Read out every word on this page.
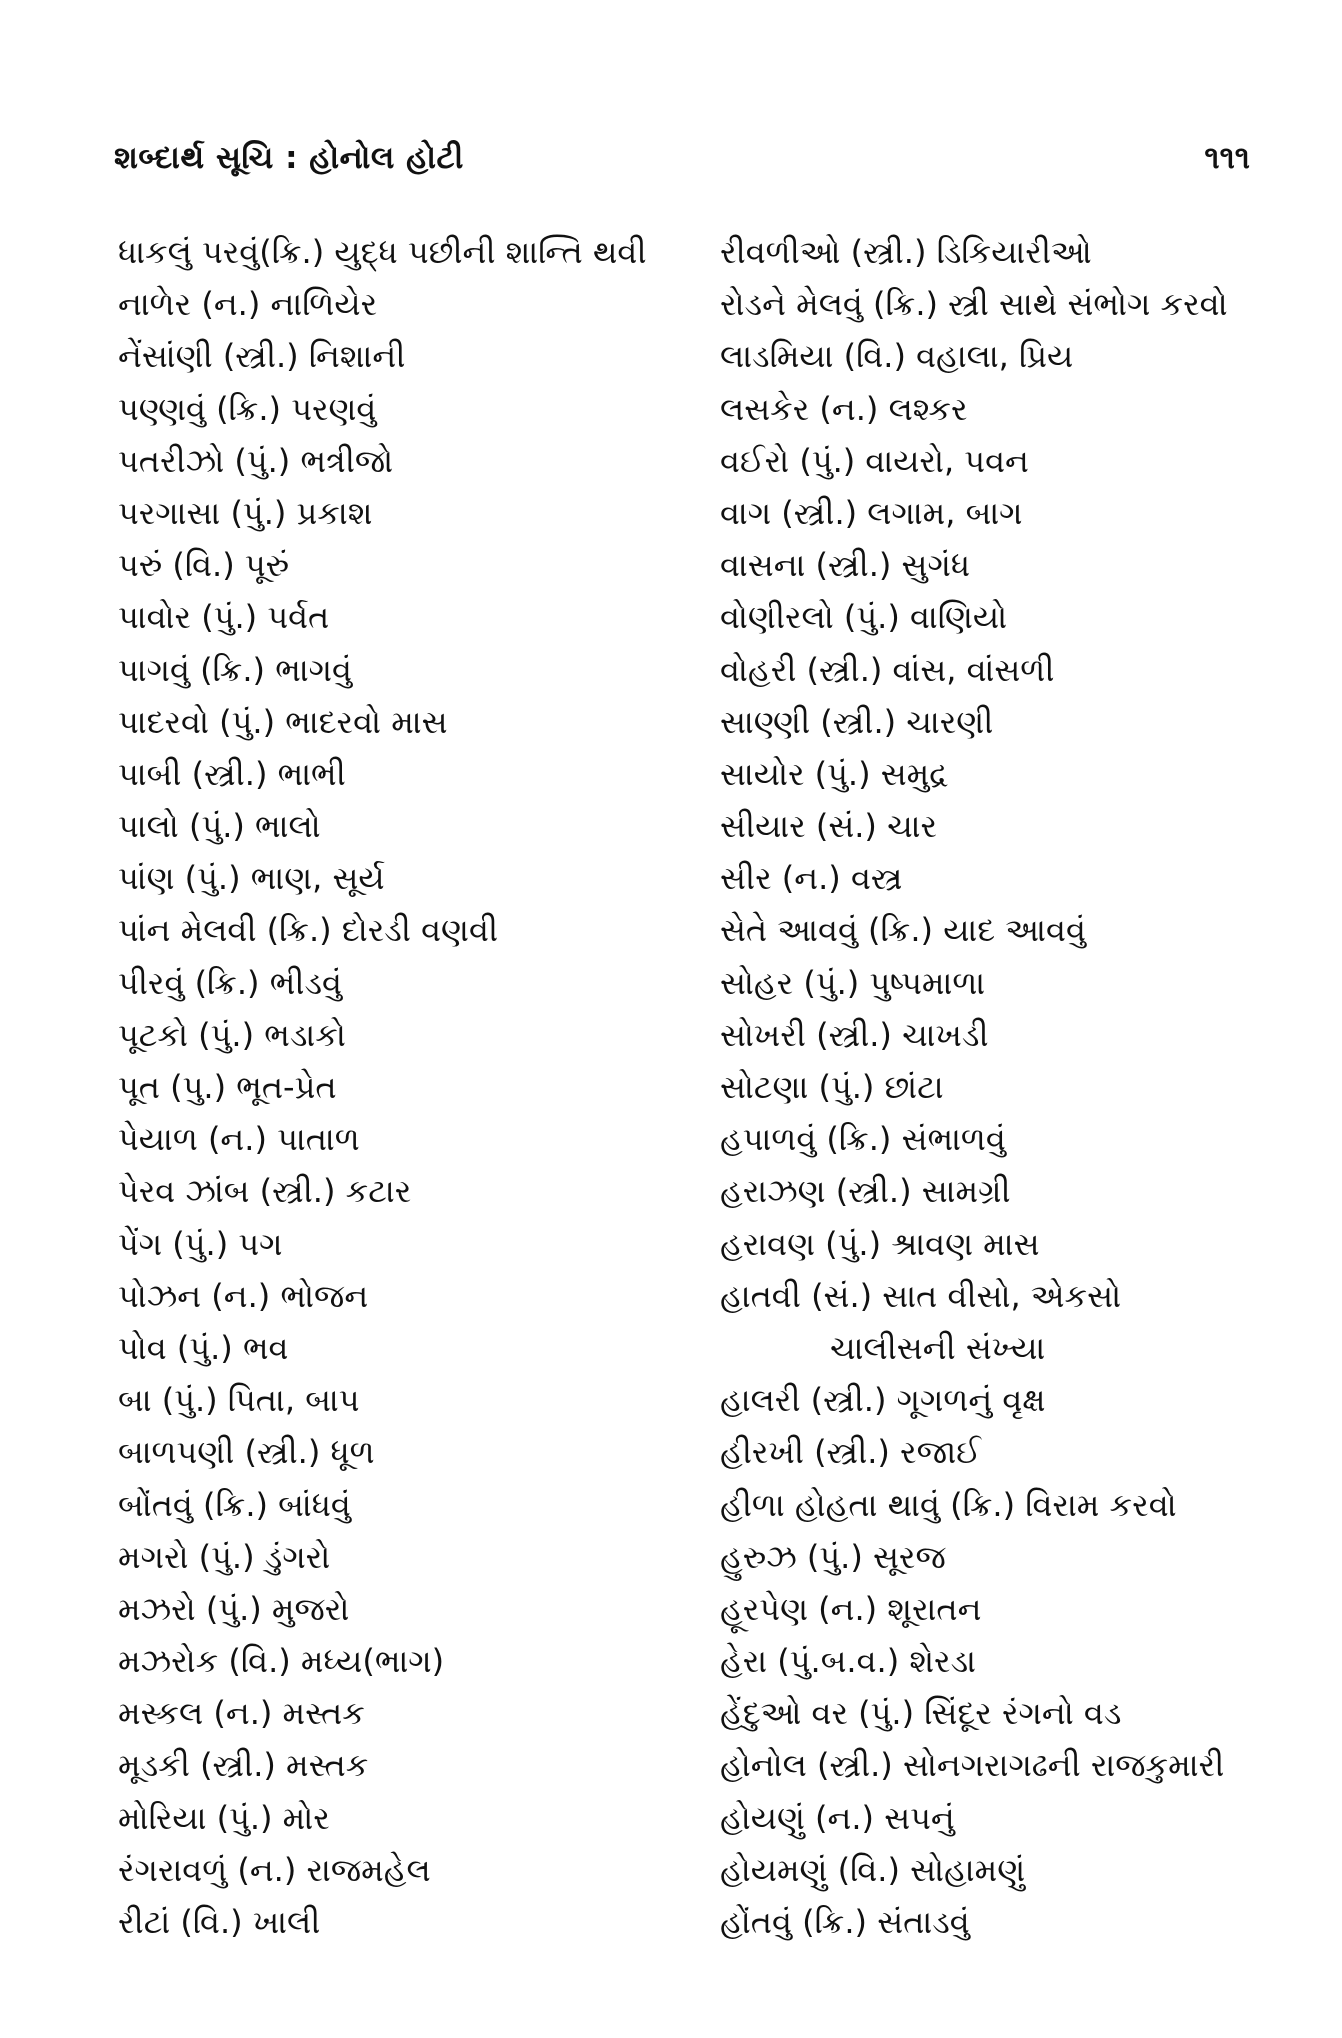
શબ્દાર્થ સૂચિ : હોનોલ હોટી	૧૧૧
ધાકલું પરવું(ક્રિ.) યુદ્ધ પછીની શાન્તિ થવી
નાળેર (ન.) નાળિયેર
નેંસાંણી (સ્ત્રી.) નિશાની
પણ્ણવું (ક્રિ.) પરણવું
પતરીઝો (પું.) ભત્રીજો
પરગાસા (પું.) પ્રકાશ
પરું (વિ.) પૂરું
પાવોર (પું.) પર્વત
પાગવું (ક્રિ.) ભાગવું
પાદરવો (પું.) ભાદરવો માસ
પાબી (સ્ત્રી.) ભાભી
પાલો (પું.) ભાલો
પાંણ (પું.) ભાણ, સૂર્ય
પાંન મેલવી (ક્રિ.) દોરડી વણવી
પીરવું (ક્રિ.) ભીડવું
પૂટકો (પું.) ભડાકો
પૂત (પુ.) ભૂત-પ્રેત
પેયાળ (ન.) પાતાળ
પેરવ ઝાંબ (સ્ત્રી.) કટાર
પેંગ (પું.) પગ
પોઝન (ન.) ભોજન
પોવ (પું.) ભવ
બા (પું.) પિતા, બાપ
બાળપણી (સ્ત્રી.) ધૂળ
બોંતવું (ક્રિ.) બાંધવું
મગરો (પું.) ડુંગરો
મઝરો (પું.) મુજરો
મઝરોક (વિ.) મધ્ય(ભાગ)
મસ્કલ (ન.) મસ્તક
મૂડકી (સ્ત્રી.) મસ્તક
મોરિયા (પું.) મોર
રંગરાવળું (ન.) રાજમહેલ
રીટાં (વિ.) ખાલી
રીવળીઓ (સ્ત્રી.) ડિકિયારીઓ
રોડને મેલવું (ક્રિ.) સ્ત્રી સાથે સંભોગ કરવો
લાડમિયા (વિ.) વહાલા, પ્રિય
લસકેર (ન.) લશ્કર
વઈરો (પું.) વાયરો, પવન
વાગ (સ્ત્રી.) લગામ, બાગ
વાસના (સ્ત્રી.) સુગંધ
વોણીરલો (પું.) વાણિયો
વોહરી (સ્ત્રી.) વાંસ, વાંસળી
સાણ્ણી (સ્ત્રી.) ચારણી
સાયોર (પું.) સમુદ્ર
સીયાર (સં.) ચાર
સીર (ન.) વસ્ત્ર
સેતે આવવું (ક્રિ.) યાદ આવવું
સોહર (પું.) પુષ્પમાળા
સોખરી (સ્ત્રી.) ચાખડી
સોટણા (પું.) છાંટા
હપાળવું (ક્રિ.) સંભાળવું
હરાઝણ (સ્ત્રી.) સામગ્રી
હરાવણ (પું.) શ્રાવણ માસ
હાતવી (સં.) સાત વીસો, એકસો
ચાલીસની સંખ્યા
હાલરી (સ્ત્રી.) ગૂગળનું વૃક્ષ
હીરખી (સ્ત્રી.) રજાઈ
હીળા હોહતા થાવું (ક્રિ.) વિરામ કરવો
હુરુઝ (પું.) સૂરજ
હૂરપેણ (ન.) શૂરાતન
હેરા (પું.બ.વ.) શેરડા
હેંદુઓ વર (પું.) સિંદૂર રંગનો વડ
હોનોલ (સ્ત્રી.) સોનગરાગઢની રાજકુમારી
હોયણું (ન.) સપનું
હોયમણું (વિ.) સોહામણું
હોંતવું (ક્રિ.) સંતાડવું
